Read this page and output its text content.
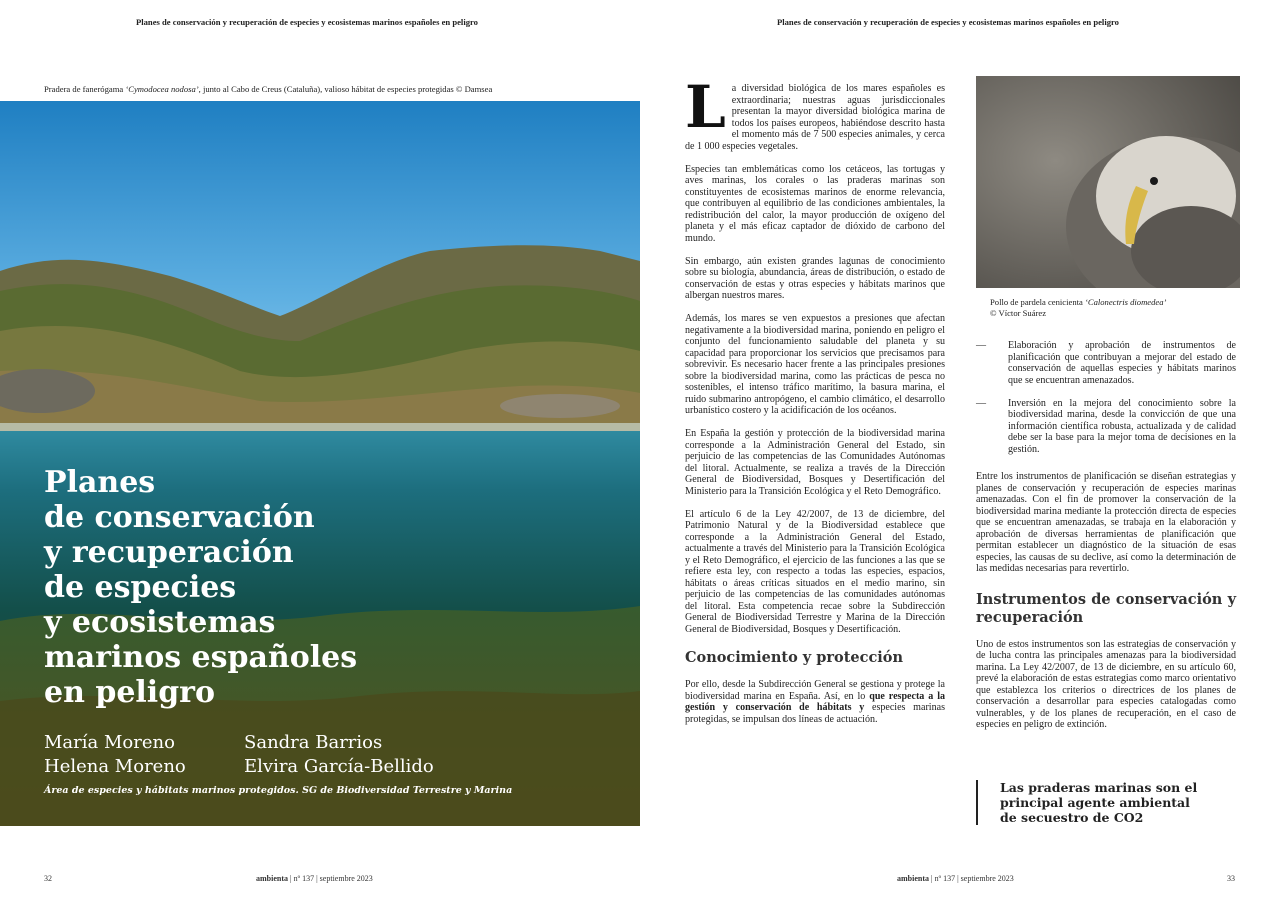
Planes de conservación y recuperación de especies y ecosistemas marinos españoles en peligro	Planes de conservación y recuperación de especies y ecosistemas marinos españoles en peligro
Pradera de fanerógama ‘Cymodocea nodosa’, junto al Cabo de Creus (Cataluña), valioso hábitat de especies protegidas © Damsea
Planes
de conservación
y recuperación
de especies
y ecosistemas
marinos españoles
en peligro
María Moreno	Sandra Barrios
Helena Moreno	Elvira García-Bellido
Área de especies y hábitats marinos protegidos. SG de Biodiversidad Terrestre y Marina

La diversidad biológica de los mares españoles es extraordinaria; nuestras aguas jurisdiccionales presentan la mayor diversidad biológica marina de todos los países europeos, habiéndose descrito hasta el momento más de 7 500 especies animales, y cerca de 1 000 especies vegetales.

Especies tan emblemáticas como los cetáceos, las tortugas y aves marinas, los corales o las praderas marinas son constituyentes de ecosistemas marinos de enorme relevancia, que contribuyen al equilibrio de las condiciones ambientales, la redistribución del calor, la mayor producción de oxígeno del planeta y el más eficaz captador de dióxido de carbono del mundo.

Sin embargo, aún existen grandes lagunas de conocimiento sobre su biología, abundancia, áreas de distribución, o estado de conservación de estas y otras especies y hábitats marinos que albergan nuestros mares.

Además, los mares se ven expuestos a presiones que afectan negativamente a la biodiversidad marina, poniendo en peligro el conjunto del funcionamiento saludable del planeta y su capacidad para proporcionar los servicios que precisamos para sobrevivir. Es necesario hacer frente a las principales presiones sobre la biodiversidad marina, como las prácticas de pesca no sostenibles, el intenso tráfico marítimo, la basura marina, el ruido submarino antropógeno, el cambio climático, el desarrollo urbanístico costero y la acidificación de los océanos.

En España la gestión y protección de la biodiversidad marina corresponde a la Administración General del Estado, sin perjuicio de las competencias de las Comunidades Autónomas del litoral. Actualmente, se realiza a través de la Dirección General de Biodiversidad, Bosques y Desertificación del Ministerio para la Transición Ecológica y el Reto Demográfico.

El artículo 6 de la Ley 42/2007, de 13 de diciembre, del Patrimonio Natural y de la Biodiversidad establece que corresponde a la Administración General del Estado, actualmente a través del Ministerio para la Transición Ecológica y el Reto Demográfico, el ejercicio de las funciones a las que se refiere esta ley, con respecto a todas las especies, espacios, hábitats o áreas críticas situados en el medio marino, sin perjuicio de las competencias de las comunidades autónomas del litoral. Esta competencia recae sobre la Subdirección General de Biodiversidad Terrestre y Marina de la Dirección General de Biodiversidad, Bosques y Desertificación.

Conocimiento y protección

Por ello, desde la Subdirección General se gestiona y protege la biodiversidad marina en España. Así, en lo que respecta a la gestión y conservación de hábitats y especies marinas protegidas, se impulsan dos líneas de actuación.

Pollo de pardela cenicienta ‘Calonectris diomedea’
© Víctor Suárez
—	Elaboración y aprobación de instrumentos de planificación que contribuyan a mejorar del estado de conservación de aquellas especies y hábitats marinos que se encuentran amenazados.
—	Inversión en la mejora del conocimiento sobre la biodiversidad marina, desde la convicción de que una información científica robusta, actualizada y de calidad debe ser la base para la mejor toma de decisiones en la gestión.

Entre los instrumentos de planificación se diseñan estrategias y planes de conservación y recuperación de especies marinas amenazadas. Con el fin de promover la conservación de la biodiversidad marina mediante la protección directa de especies que se encuentran amenazadas, se trabaja en la elaboración y aprobación de diversas herramientas de planificación que permitan establecer un diagnóstico de la situación de esas especies, las causas de su declive, así como la determinación de las medidas necesarias para revertirlo.

Instrumentos de conservación y recuperación

Uno de estos instrumentos son las estrategias de conservación y de lucha contra las principales amenazas para la biodiversidad marina. La Ley 42/2007, de 13 de diciembre, en su artículo 60, prevé la elaboración de estas estrategias como marco orientativo que establezca los criterios o directrices de los planes de conservación a desarrollar para especies catalogadas como vulnerables, y de los planes de recuperación, en el caso de especies en peligro de extinción.

Las praderas marinas son el principal agente ambiental de secuestro de CO2
32	ambienta | nº 137 | septiembre 2023	ambienta | nº 137 | septiembre 2023	33
